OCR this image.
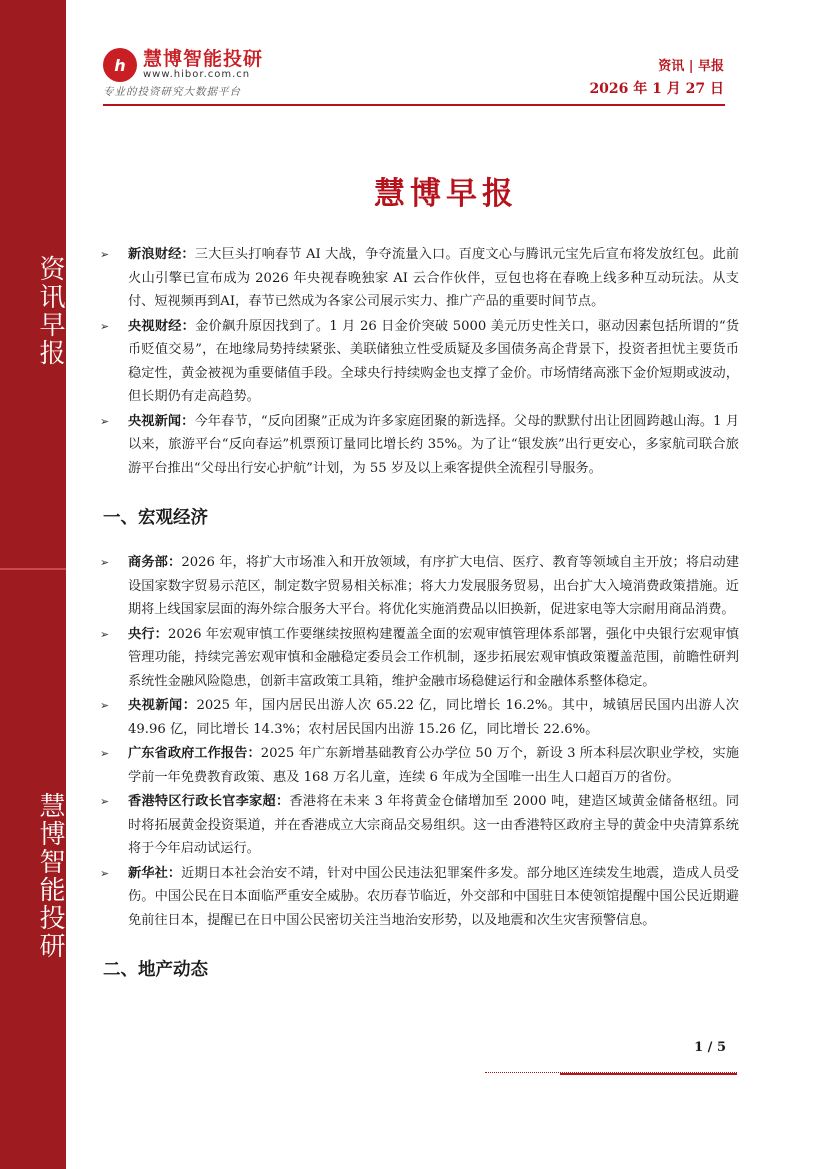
资讯早报
慧博智能投研
h 慧博智能投研
www.hibor.com.cn
专业的投资研究大数据平台
资讯 | 早报
2026 年 1 月 27 日
慧博早报
➢	新浪财经：三大巨头打响春节 AI 大战，争夺流量入口。百度文心与腾讯元宝先后宣布将发放红包。此前火山引擎已宣布成为 2026 年央视春晚独家 AI 云合作伙伴，豆包也将在春晚上线多种互动玩法。从支付、短视频再到AI，春节已然成为各家公司展示实力、推广产品的重要时间节点。
➢	央视财经：金价飙升原因找到了。1 月 26 日金价突破 5000 美元历史性关口，驱动因素包括所谓的“货币贬值交易”，在地缘局势持续紧张、美联储独立性受质疑及多国债务高企背景下，投资者担忧主要货币稳定性，黄金被视为重要储值手段。全球央行持续购金也支撑了金价。市场情绪高涨下金价短期或波动，但长期仍有走高趋势。
➢	央视新闻：今年春节，“反向团聚”正成为许多家庭团聚的新选择。父母的默默付出让团圆跨越山海。1 月以来，旅游平台“反向春运”机票预订量同比增长约 35%。为了让“银发族”出行更安心，多家航司联合旅游平台推出“父母出行安心护航”计划，为 55 岁及以上乘客提供全流程引导服务。
一、宏观经济
➢	商务部：2026 年，将扩大市场准入和开放领域，有序扩大电信、医疗、教育等领域自主开放；将启动建设国家数字贸易示范区，制定数字贸易相关标准；将大力发展服务贸易，出台扩大入境消费政策措施。近期将上线国家层面的海外综合服务大平台。将优化实施消费品以旧换新，促进家电等大宗耐用商品消费。
➢	央行：2026 年宏观审慎工作要继续按照构建覆盖全面的宏观审慎管理体系部署，强化中央银行宏观审慎管理功能，持续完善宏观审慎和金融稳定委员会工作机制，逐步拓展宏观审慎政策覆盖范围，前瞻性研判系统性金融风险隐患，创新丰富政策工具箱，维护金融市场稳健运行和金融体系整体稳定。
➢	央视新闻：2025 年，国内居民出游人次 65.22 亿，同比增长 16.2%。其中，城镇居民国内出游人次 49.96 亿，同比增长 14.3%；农村居民国内出游 15.26 亿，同比增长 22.6%。
➢	广东省政府工作报告：2025 年广东新增基础教育公办学位 50 万个，新设 3 所本科层次职业学校，实施学前一年免费教育政策、惠及 168 万名儿童，连续 6 年成为全国唯一出生人口超百万的省份。
➢	香港特区行政长官李家超：香港将在未来 3 年将黄金仓储增加至 2000 吨，建造区域黄金储备枢纽。同时将拓展黄金投资渠道，并在香港成立大宗商品交易组织。这一由香港特区政府主导的黄金中央清算系统将于今年启动试运行。
➢	新华社：近期日本社会治安不靖，针对中国公民违法犯罪案件多发。部分地区连续发生地震，造成人员受伤。中国公民在日本面临严重安全威胁。农历春节临近，外交部和中国驻日本使领馆提醒中国公民近期避免前往日本，提醒已在日中国公民密切关注当地治安形势，以及地震和次生灾害预警信息。
二、地产动态
1 / 5
